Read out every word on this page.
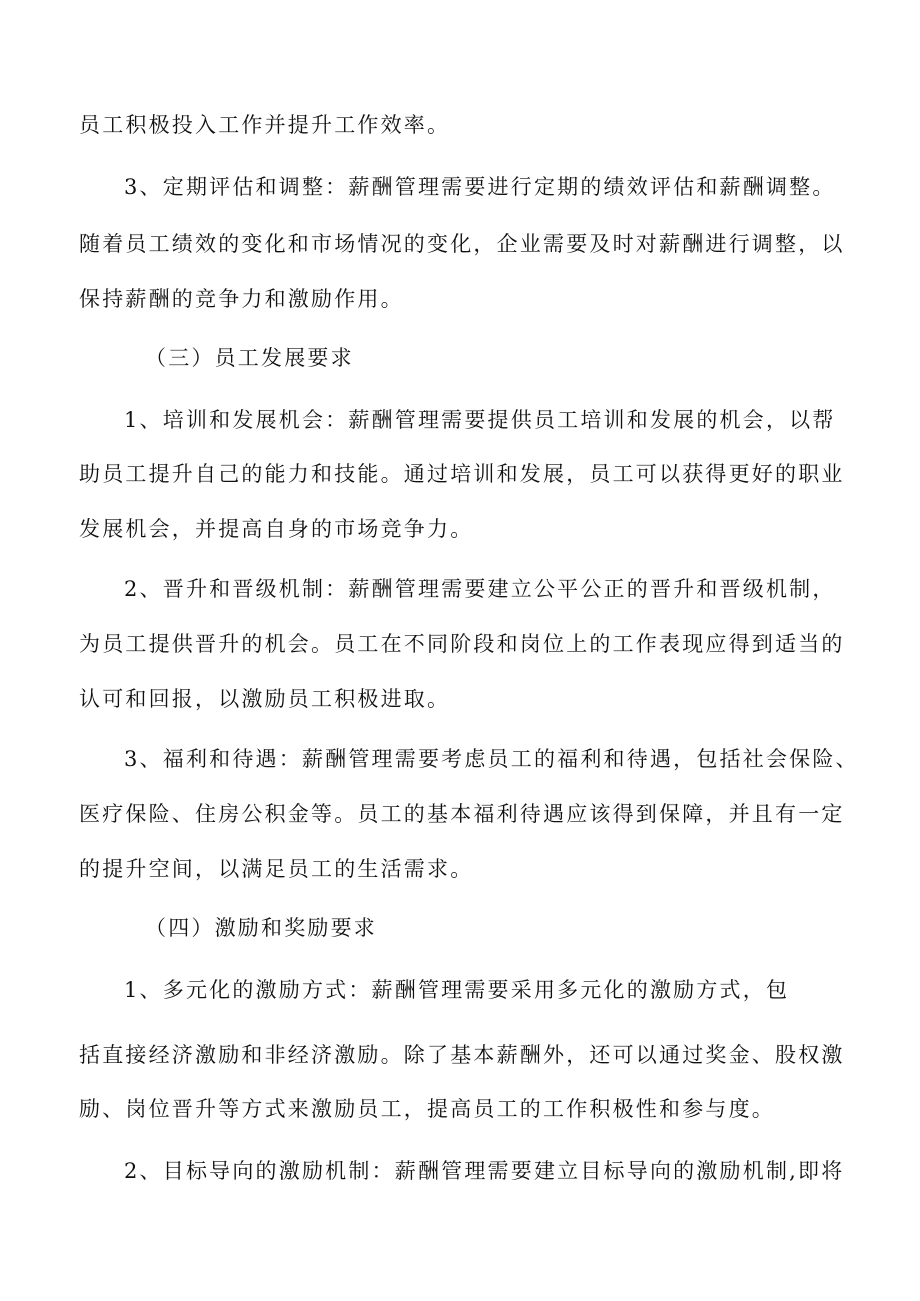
员工积极投入工作并提升工作效率。
3、定期评估和调整：薪酬管理需要进行定期的绩效评估和薪酬调整。
随着员工绩效的变化和市场情况的变化，企业需要及时对薪酬进行调整，以
保持薪酬的竞争力和激励作用。
（三）员工发展要求
1、培训和发展机会：薪酬管理需要提供员工培训和发展的机会，以帮
助员工提升自己的能力和技能。通过培训和发展，员工可以获得更好的职业
发展机会，并提高自身的市场竞争力。
2、晋升和晋级机制：薪酬管理需要建立公平公正的晋升和晋级机制，
为员工提供晋升的机会。员工在不同阶段和岗位上的工作表现应得到适当的
认可和回报，以激励员工积极进取。
3、福利和待遇：薪酬管理需要考虑员工的福利和待遇，包括社会保险、
医疗保险、住房公积金等。员工的基本福利待遇应该得到保障，并且有一定
的提升空间，以满足员工的生活需求。
（四）激励和奖励要求
1、多元化的激励方式：薪酬管理需要采用多元化的激励方式，包
括直接经济激励和非经济激励。除了基本薪酬外，还可以通过奖金、股权激
励、岗位晋升等方式来激励员工，提高员工的工作积极性和参与度。
2、目标导向的激励机制：薪酬管理需要建立目标导向的激励机制,即将
